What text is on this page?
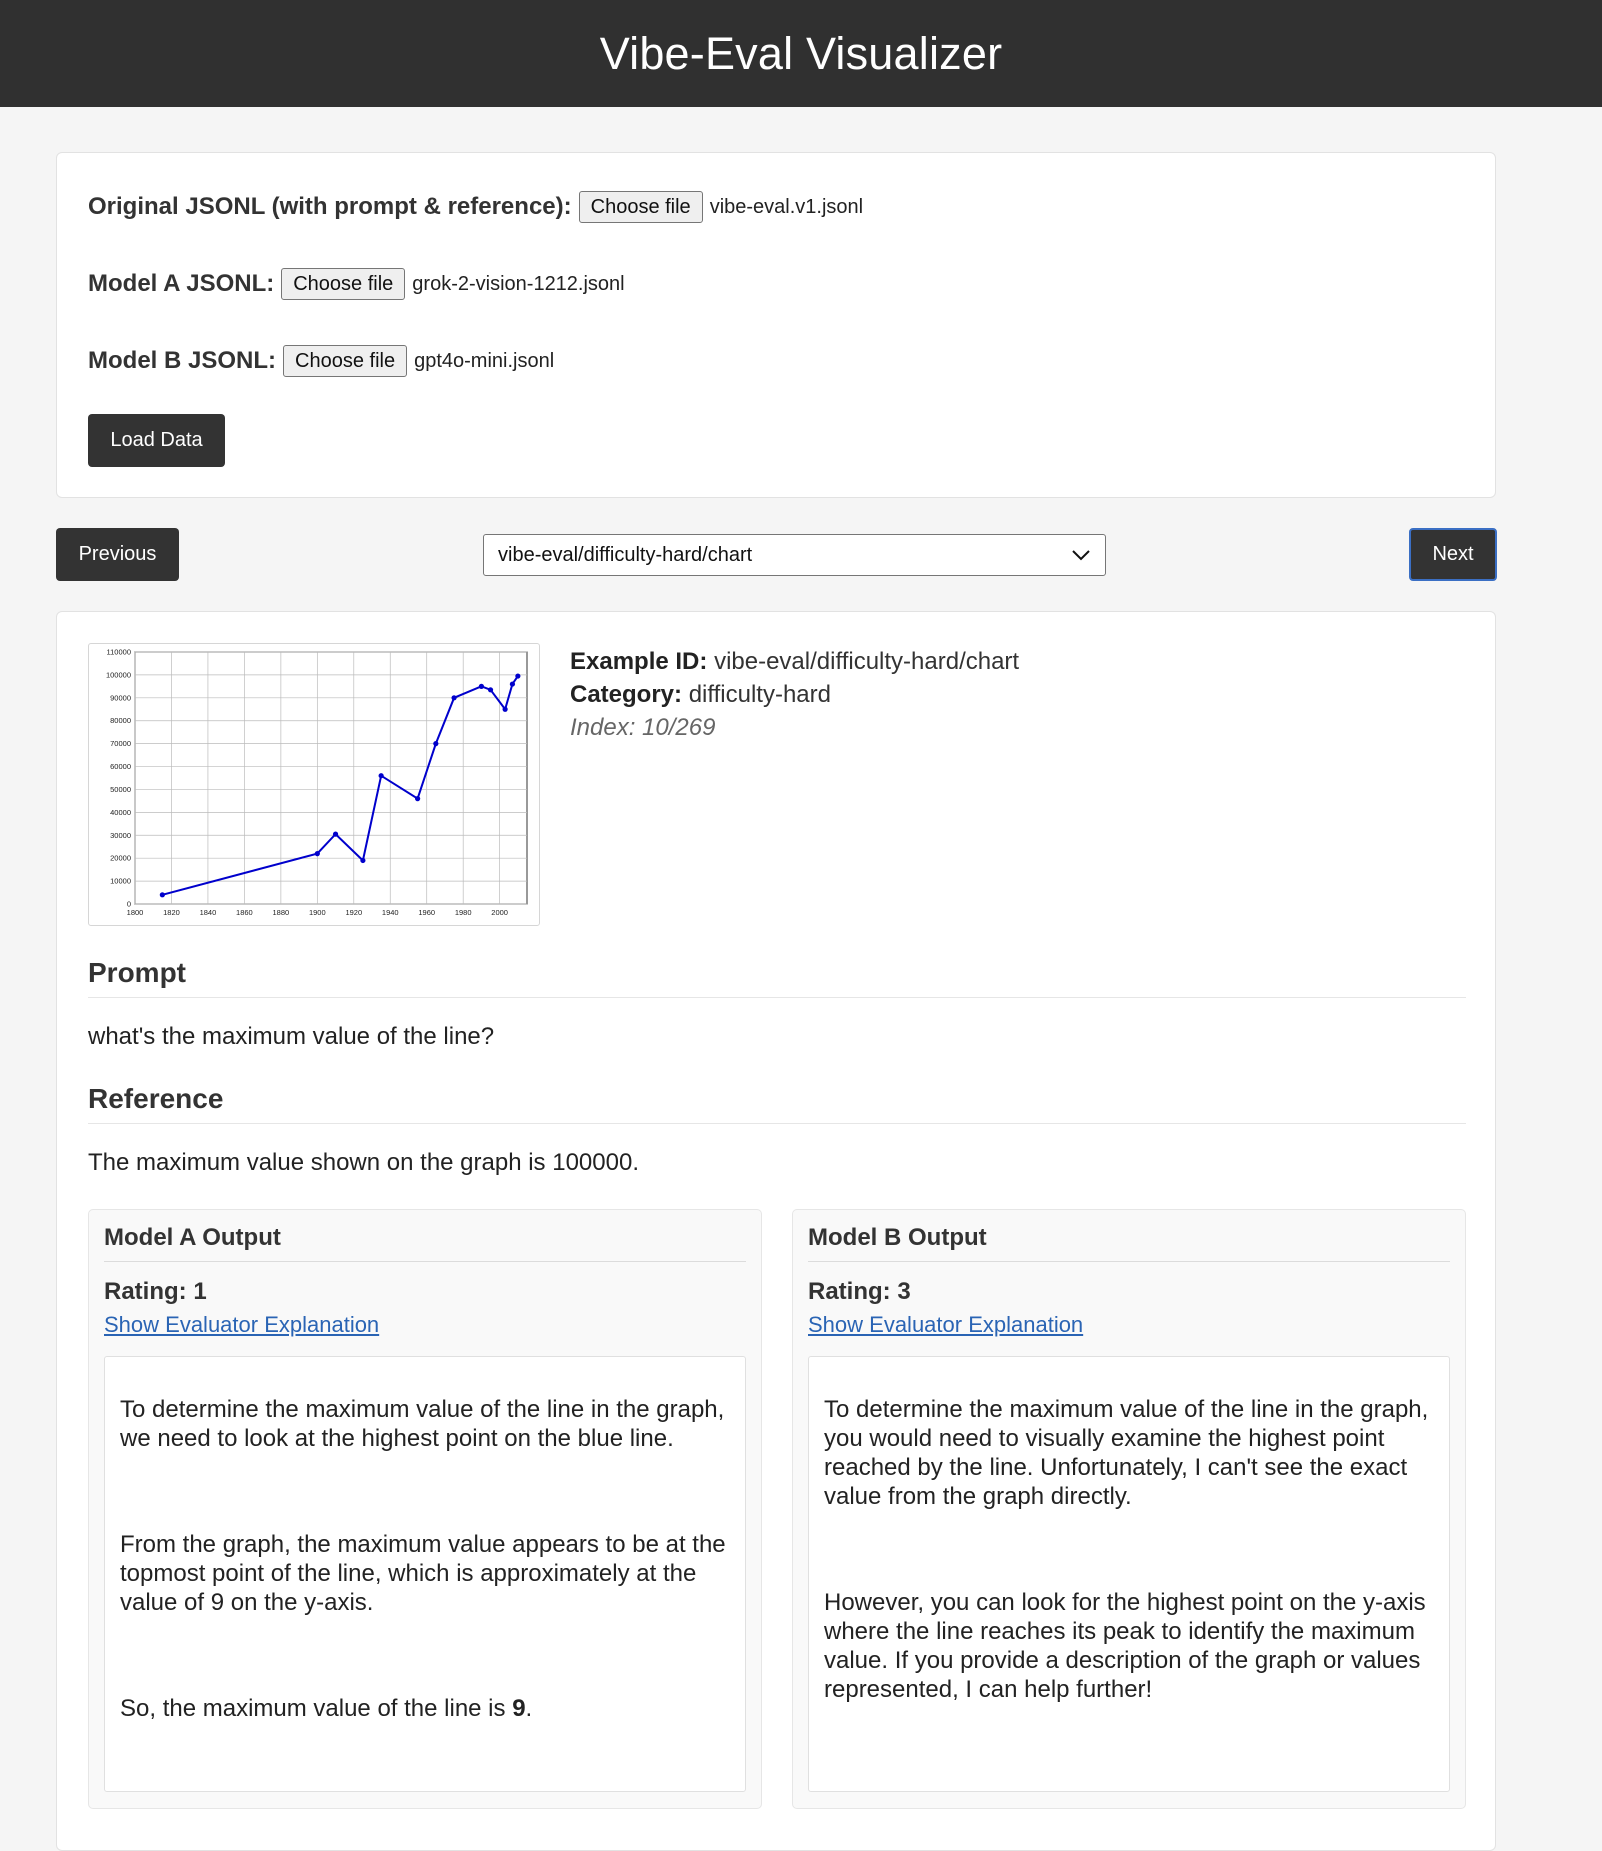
Vibe-Eval Visualizer
Original JSONL (with prompt & reference): Choose file vibe-eval.v1.jsonl
Model A JSONL: Choose file grok-2-vision-1212.jsonl
Model B JSONL: Choose file gpt4o-mini.jsonl
Load Data
Previous	vibe-eval/difficulty-hard/chart	Next
1800	1820	1840	1860	1880	1900	1920	1940	1960	1980	2000
0
10000
20000
30000
40000
50000
60000
70000
80000
90000
100000
110000	Example ID: vibe-eval/difficulty-hard/chart
Category: difficulty-hard
Index: 10/269
Prompt

what's the maximum value of the line?

Reference

The maximum value shown on the graph is 100000.

Model A Output
Rating: 1
Show Evaluator Explanation

To determine the maximum value of the line in the graph, we need to look at the highest point on the blue line.

From the graph, the maximum value appears to be at the topmost point of the line, which is approximately at the value of 9 on the y-axis.

So, the maximum value of the line is 9.

Model B Output
Rating: 3
Show Evaluator Explanation

To determine the maximum value of the line in the graph, you would need to visually examine the highest point reached by the line. Unfortunately, I can't see the exact value from the graph directly.

However, you can look for the highest point on the y-axis where the line reaches its peak to identify the maximum value. If you provide a description of the graph or values represented, I can help further!
